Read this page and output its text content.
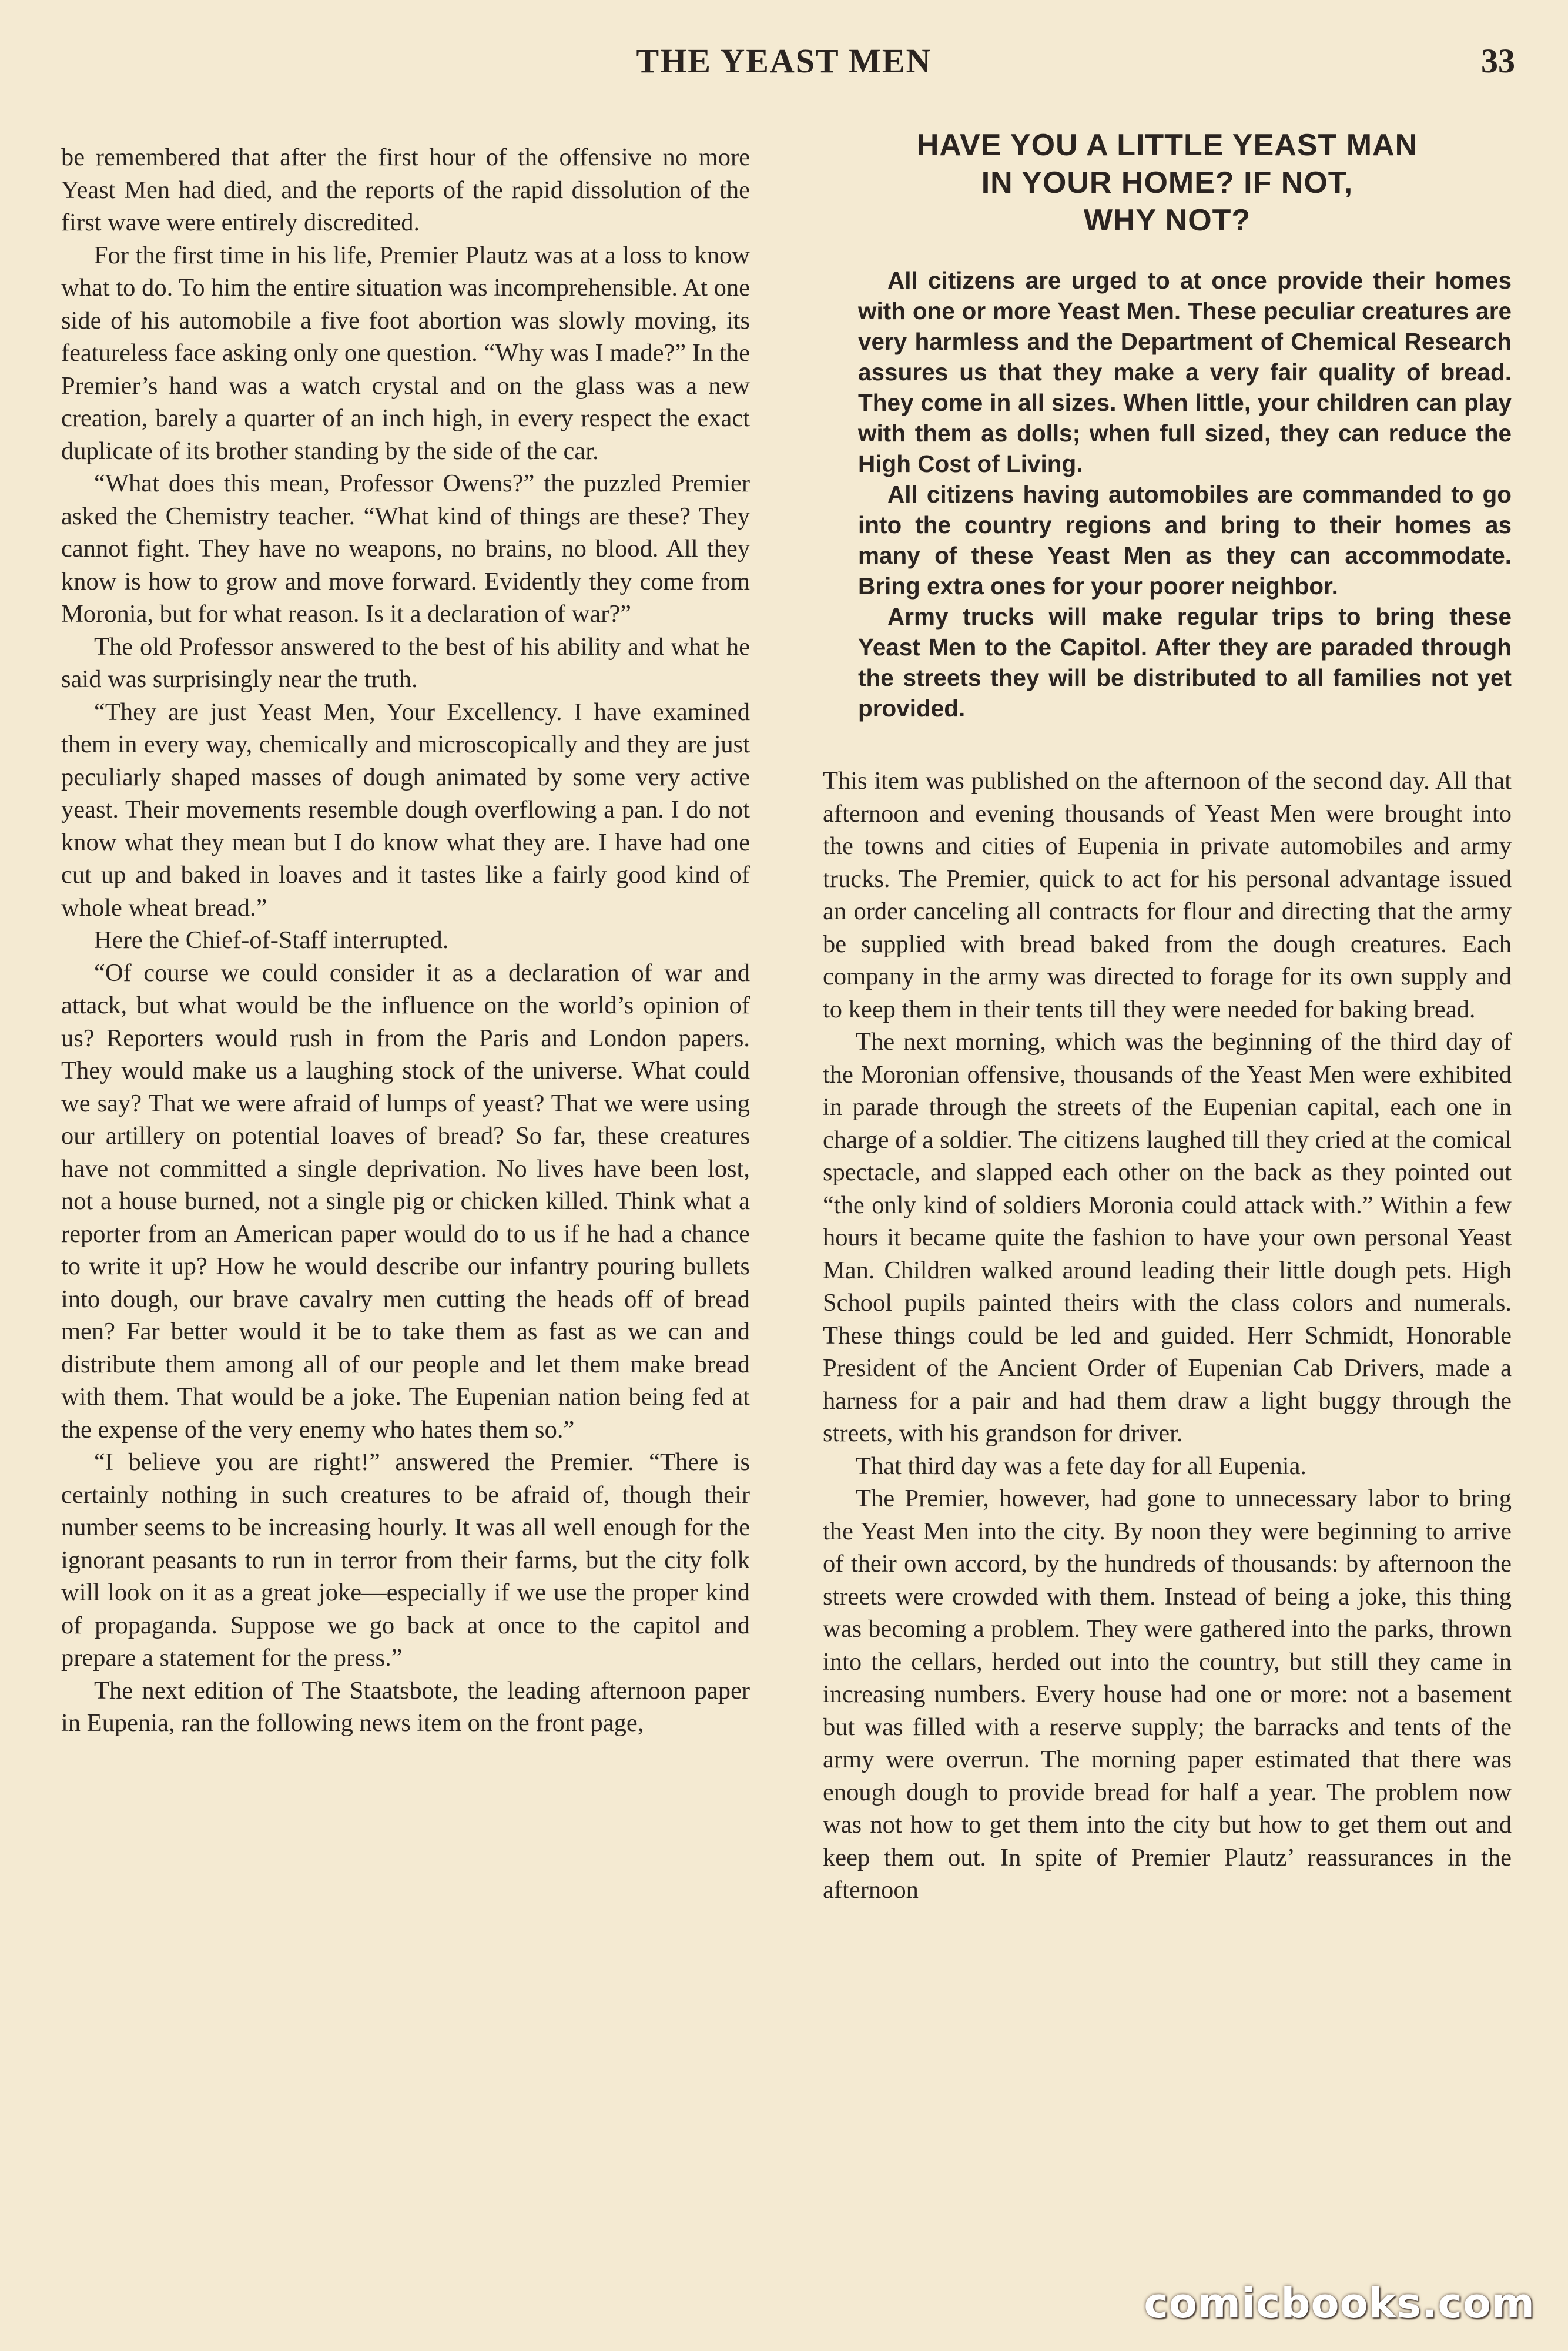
THE YEAST MEN	33

be remembered that after the first hour of the offensive no more Yeast Men had died, and the reports of the rapid dissolution of the first wave were entirely discredited.

For the first time in his life, Premier Plautz was at a loss to know what to do. To him the entire situation was incomprehensible. At one side of his automobile a five foot abortion was slowly moving, its featureless face asking only one question. “Why was I made?” In the Premier’s hand was a watch crystal and on the glass was a new creation, barely a quarter of an inch high, in every respect the exact duplicate of its brother standing by the side of the car.

“What does this mean, Professor Owens?” the puzzled Premier asked the Chemistry teacher. “What kind of things are these? They cannot fight. They have no weapons, no brains, no blood. All they know is how to grow and move forward. Evidently they come from Moronia, but for what reason. Is it a declaration of war?”

The old Professor answered to the best of his ability and what he said was surprisingly near the truth.

“They are just Yeast Men, Your Excellency. I have examined them in every way, chemically and microscopically and they are just peculiarly shaped masses of dough animated by some very active yeast. Their movements resemble dough overflowing a pan. I do not know what they mean but I do know what they are. I have had one cut up and baked in loaves and it tastes like a fairly good kind of whole wheat bread.”

Here the Chief-of-Staff interrupted.

“Of course we could consider it as a declaration of war and attack, but what would be the influence on the world’s opinion of us? Reporters would rush in from the Paris and London papers. They would make us a laughing stock of the universe. What could we say? That we were afraid of lumps of yeast? That we were using our artillery on potential loaves of bread? So far, these creatures have not committed a single deprivation. No lives have been lost, not a house burned, not a single pig or chicken killed. Think what a reporter from an American paper would do to us if he had a chance to write it up? How he would describe our infantry pouring bullets into dough, our brave cavalry men cutting the heads off of bread men? Far better would it be to take them as fast as we can and distribute them among all of our people and let them make bread with them. That would be a joke. The Eupenian nation being fed at the expense of the very enemy who hates them so.”

“I believe you are right!” answered the Premier. “There is certainly nothing in such creatures to be afraid of, though their number seems to be increasing hourly. It was all well enough for the ignorant peasants to run in terror from their farms, but the city folk will look on it as a great joke—especially if we use the proper kind of propaganda. Suppose we go back at once to the capitol and prepare a statement for the press.”

The next edition of The Staatsbote, the leading afternoon paper in Eupenia, ran the following news item on the front page,

HAVE YOU A LITTLE YEAST MAN
IN YOUR HOME? IF NOT,
WHY NOT?

All citizens are urged to at once provide their homes with one or more Yeast Men. These peculiar creatures are very harmless and the Department of Chemical Research assures us that they make a very fair quality of bread. They come in all sizes. When little, your children can play with them as dolls; when full sized, they can reduce the High Cost of Living.

All citizens having automobiles are commanded to go into the country regions and bring to their homes as many of these Yeast Men as they can accommodate. Bring extra ones for your poorer neighbor.

Army trucks will make regular trips to bring these Yeast Men to the Capitol. After they are paraded through the streets they will be distributed to all families not yet provided.

This item was published on the afternoon of the second day. All that afternoon and evening thousands of Yeast Men were brought into the towns and cities of Eupenia in private automobiles and army trucks. The Premier, quick to act for his personal advantage issued an order canceling all contracts for flour and directing that the army be supplied with bread baked from the dough creatures. Each company in the army was directed to forage for its own supply and to keep them in their tents till they were needed for baking bread.

The next morning, which was the beginning of the third day of the Moronian offensive, thousands of the Yeast Men were exhibited in parade through the streets of the Eupenian capital, each one in charge of a soldier. The citizens laughed till they cried at the comical spectacle, and slapped each other on the back as they pointed out “the only kind of soldiers Moronia could attack with.” Within a few hours it became quite the fashion to have your own personal Yeast Man. Children walked around leading their little dough pets. High School pupils painted theirs with the class colors and numerals. These things could be led and guided. Herr Schmidt, Honorable President of the Ancient Order of Eupenian Cab Drivers, made a harness for a pair and had them draw a light buggy through the streets, with his grandson for driver.

That third day was a fete day for all Eupenia.

The Premier, however, had gone to unnecessary labor to bring the Yeast Men into the city. By noon they were beginning to arrive of their own accord, by the hundreds of thousands: by afternoon the streets were crowded with them. Instead of being a joke, this thing was becoming a problem. They were gathered into the parks, thrown into the cellars, herded out into the country, but still they came in increasing numbers. Every house had one or more: not a basement but was filled with a reserve supply; the barracks and tents of the army were overrun. The morning paper estimated that there was enough dough to provide bread for half a year. The problem now was not how to get them into the city but how to get them out and keep them out. In spite of Premier Plautz’ reassurances in the afternoon

comicbooks.com
